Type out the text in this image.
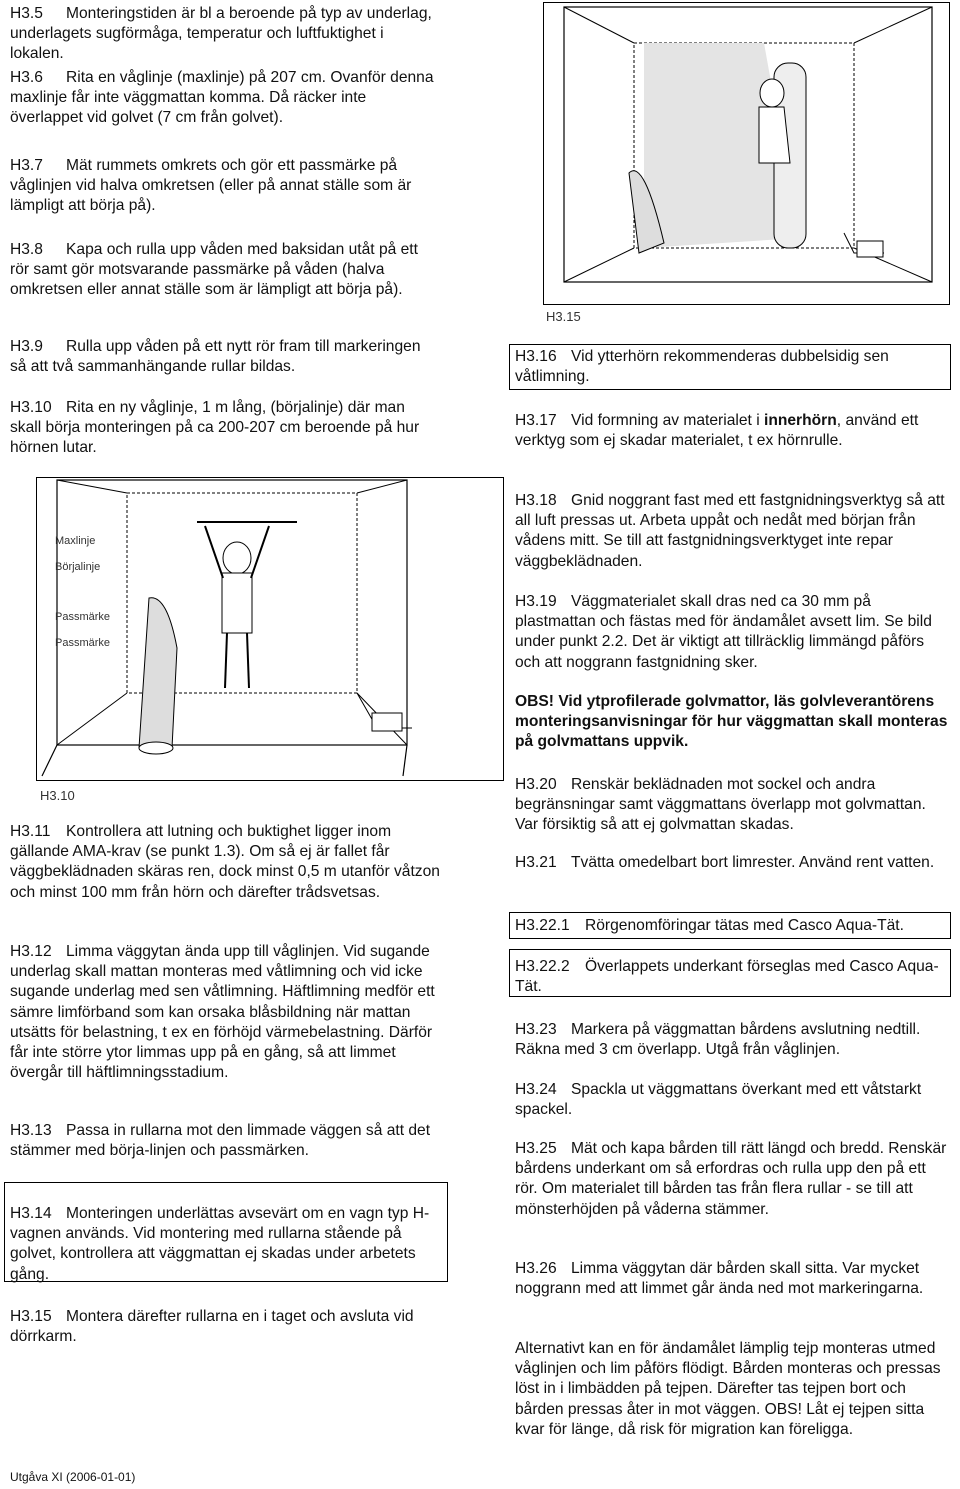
H3.5 Monteringstiden är bl a beroende på typ av underlag, underlagets sugförmåga, temperatur och luftfuktighet i lokalen.

H3.6 Rita en våglinje (maxlinje) på 207 cm. Ovanför denna maxlinje får inte väggmattan komma. Då räcker inte överlappet vid golvet (7 cm från golvet).

H3.7 Mät rummets omkrets och gör ett passmärke på våglinjen vid halva omkretsen (eller på annat ställe som är lämpligt att börja på).

H3.8 Kapa och rulla upp våden med baksidan utåt på ett rör samt gör motsvarande passmärke på våden (halva omkretsen eller annat ställe som är lämpligt att börja på).

H3.9 Rulla upp våden på ett nytt rör fram till markeringen så att två sammanhängande rullar bildas.

H3.10 Rita en ny våglinje, 1 m lång, (börjalinje) där man skall börja monteringen på ca 200-207 cm beroende på hur hörnen lutar.

Maxlinje
Börjalinje
Passmärke
Passmärke
H3.10

H3.11 Kontrollera att lutning och buktighet ligger inom gällande AMA-krav (se punkt 1.3). Om så ej är fallet får väggbeklädnaden skäras ren, dock minst 0,5 m utanför våtzon och minst 100 mm från hörn och därefter trådsvetsas.

H3.12 Limma väggytan ända upp till våglinjen. Vid sugande underlag skall mattan monteras med våtlimning och vid icke sugande underlag med sen våtlimning. Häftlimning medför ett sämre limförband som kan orsaka blåsbildning när mattan utsätts för belastning, t ex en förhöjd värmebelastning. Därför får inte större ytor limmas upp på en gång, så att limmet övergår till häftlimningsstadium.

H3.13 Passa in rullarna mot den limmade väggen så att det stämmer med börja-linjen och passmärken.

H3.14 Monteringen underlättas avsevärt om en vagn typ H-vagnen används. Vid montering med rullarna stående på golvet, kontrollera att väggmattan ej skadas under arbetets gång.

H3.15 Montera därefter rullarna en i taget och avsluta vid dörrkarm.

H3.15

H3.16 Vid ytterhörn rekommenderas dubbelsidig sen våtlimning.

H3.17 Vid formning av materialet i innerhörn, använd ett verktyg som ej skadar materialet, t ex hörnrulle.

H3.18 Gnid noggrant fast med ett fastgnidningsverktyg så att all luft pressas ut. Arbeta uppåt och nedåt med början från vådens mitt. Se till att fastgnidningsverktyget inte repar väggbeklädnaden.

H3.19 Väggmaterialet skall dras ned ca 30 mm på plastmattan och fästas med för ändamålet avsett lim. Se bild under punkt 2.2. Det är viktigt att tillräcklig limmängd påförs och att noggrann fastgnidning sker.

OBS! Vid ytprofilerade golvmattor, läs golvleverantörens monteringsanvisningar för hur väggmattan skall monteras på golvmattans uppvik.

H3.20 Renskär beklädnaden mot sockel och andra begränsningar samt väggmattans överlapp mot golvmattan. Var försiktig så att ej golvmattan skadas.

H3.21 Tvätta omedelbart bort limrester. Använd rent vatten.

H3.22.1 Rörgenomföringar tätas med Casco Aqua-Tät.

H3.22.2 Överlappets underkant förseglas med Casco Aqua-Tät.

H3.23 Markera på väggmattan bårdens avslutning nedtill. Räkna med 3 cm överlapp. Utgå från våglinjen.

H3.24 Spackla ut väggmattans överkant med ett våtstarkt spackel.

H3.25 Mät och kapa bården till rätt längd och bredd. Renskär bårdens underkant om så erfordras och rulla upp den på ett rör. Om materialet till bården tas från flera rullar - se till att mönsterhöjden på våderna stämmer.

H3.26 Limma väggytan där bården skall sitta. Var mycket noggrann med att limmet går ända ned mot markeringarna.

Alternativt kan en för ändamålet lämplig tejp monteras utmed våglinjen och lim påförs flödigt. Bården monteras och pressas löst in i limbädden på tejpen. Därefter tas tejpen bort och bården pressas åter in mot väggen. OBS! Låt ej tejpen sitta kvar för länge, då risk för migration kan föreligga.

Utgåva XI (2006-01-01)
